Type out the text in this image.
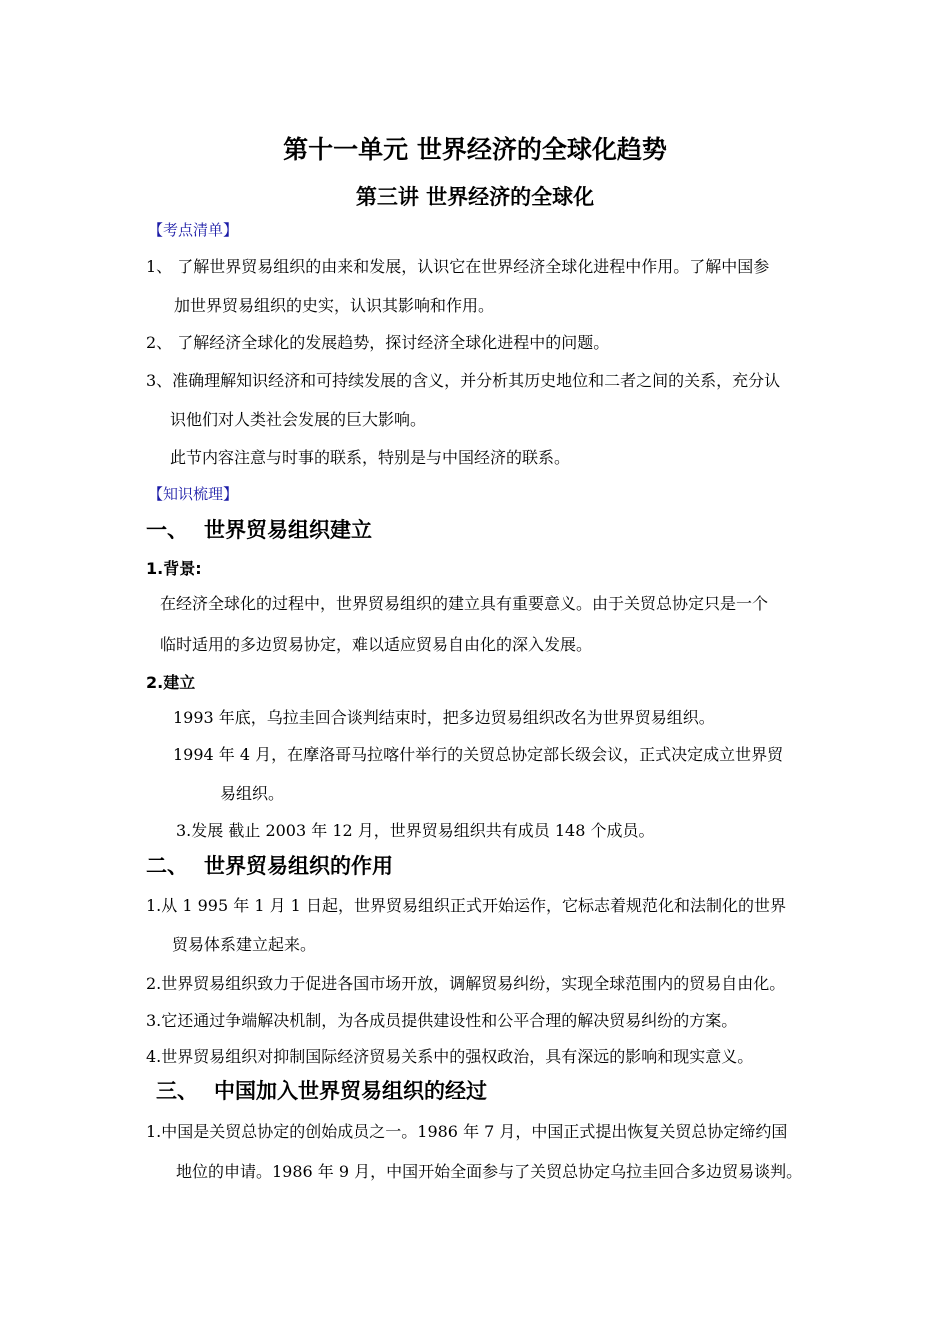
第十一单元 世界经济的全球化趋势
第三讲 世界经济的全球化
【考点清单】
1、 了解世界贸易组织的由来和发展，认识它在世界经济全球化进程中作用。了解中国参
加世界贸易组织的史实，认识其影响和作用。
2、 了解经济全球化的发展趋势，探讨经济全球化进程中的问题。
3、准确理解知识经济和可持续发展的含义，并分析其历史地位和二者之间的关系，充分认
识他们对人类社会发展的巨大影响。
此节内容注意与时事的联系，特别是与中国经济的联系。
【知识梳理】
一、 世界贸易组织建立
1.背景:
在经济全球化的过程中，世界贸易组织的建立具有重要意义。由于关贸总协定只是一个
临时适用的多边贸易协定，难以适应贸易自由化的深入发展。
2.建立
1993 年底，乌拉圭回合谈判结束时，把多边贸易组织改名为世界贸易组织。
1994 年 4 月，在摩洛哥马拉喀什举行的关贸总协定部长级会议，正式决定成立世界贸
易组织。
3.发展 截止 2003 年 12 月，世界贸易组织共有成员 148 个成员。
二、 世界贸易组织的作用
1.从 1 995 年 1 月 1 日起，世界贸易组织正式开始运作，它标志着规范化和法制化的世界
贸易体系建立起来。
2.世界贸易组织致力于促进各国市场开放，调解贸易纠纷，实现全球范围内的贸易自由化。
3.它还通过争端解决机制，为各成员提供建设性和公平合理的解决贸易纠纷的方案。
4.世界贸易组织对抑制国际经济贸易关系中的强权政治，具有深远的影响和现实意义。
三、 中国加入世界贸易组织的经过
1.中国是关贸总协定的创始成员之一。1986 年 7 月，中国正式提出恢复关贸总协定缔约国
地位的申请。1986 年 9 月，中国开始全面参与了关贸总协定乌拉圭回合多边贸易谈判。
